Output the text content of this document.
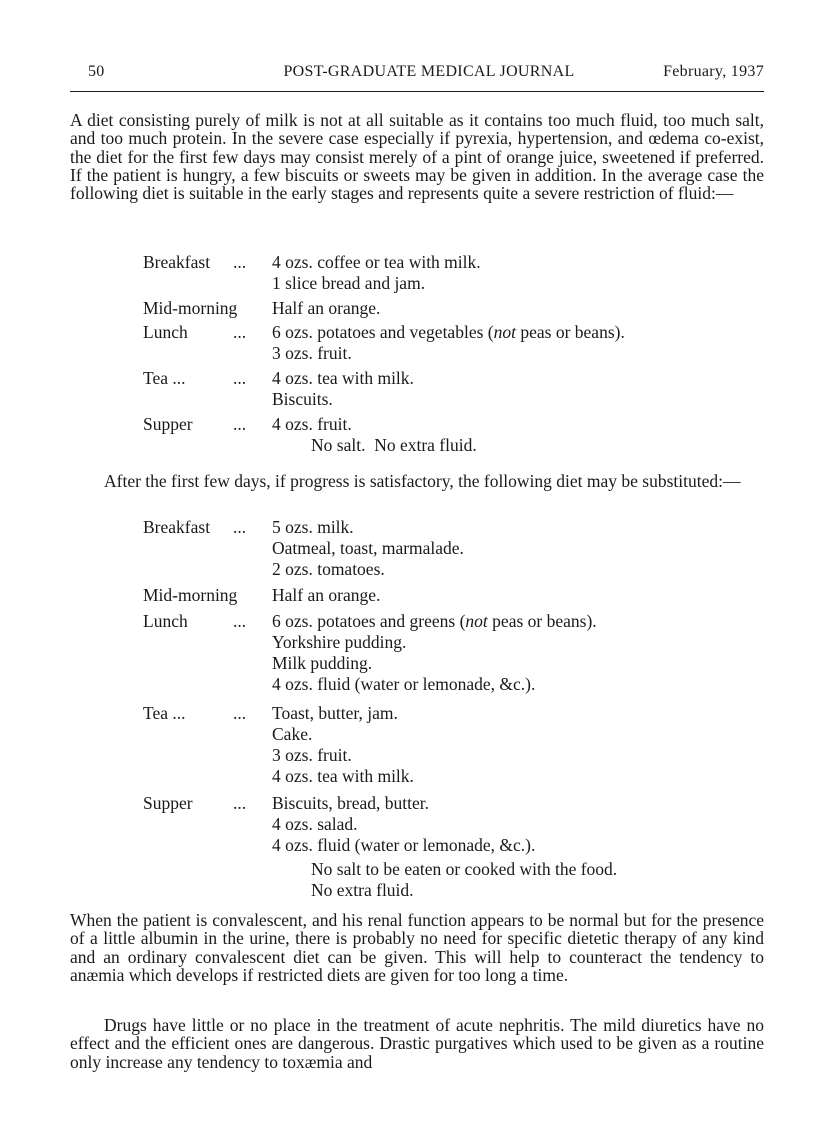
50	POST-GRADUATE MEDICAL JOURNAL	February, 1937

A diet consisting purely of milk is not at all suitable as it contains too much fluid, too much salt, and too much protein. In the severe case especially if pyrexia, hypertension, and œdema co-exist, the diet for the first few days may consist merely of a pint of orange juice, sweetened if preferred. If the patient is hungry, a few biscuits or sweets may be given in addition. In the average case the following diet is suitable in the early stages and represents quite a severe restriction of fluid:—

Breakfast ... 4 ozs. coffee or tea with milk.
1 slice bread and jam.
Mid-morning Half an orange.
Lunch	... 6 ozs. potatoes and vegetables (not peas or beans).
3 ozs. fruit.
Tea ...	... 4 ozs. tea with milk.
Biscuits.
Supper ... 4 ozs. fruit.
No salt.  No extra fluid.

After the first few days, if progress is satisfactory, the following diet may be substituted:—

Breakfast ... 5 ozs. milk.
Oatmeal, toast, marmalade.
2 ozs. tomatoes.
Mid-morning Half an orange.
Lunch	... 6 ozs. potatoes and greens (not peas or beans).
Yorkshire pudding.
Milk pudding.
4 ozs. fluid (water or lemonade, &c.).
Tea ...	... Toast, butter, jam.
Cake.
3 ozs. fruit.
4 ozs. tea with milk.
Supper ... Biscuits, bread, butter.
4 ozs. salad.
4 ozs. fluid (water or lemonade, &c.).
No salt to be eaten or cooked with the food.
No extra fluid.

When the patient is convalescent, and his renal function appears to be normal but for the presence of a little albumin in the urine, there is probably no need for specific dietetic therapy of any kind and an ordinary convalescent diet can be given. This will help to counteract the tendency to anæmia which develops if restricted diets are given for too long a time.

Drugs have little or no place in the treatment of acute nephritis. The mild diuretics have no effect and the efficient ones are dangerous. Drastic purgatives which used to be given as a routine only increase any tendency to toxæmia and
